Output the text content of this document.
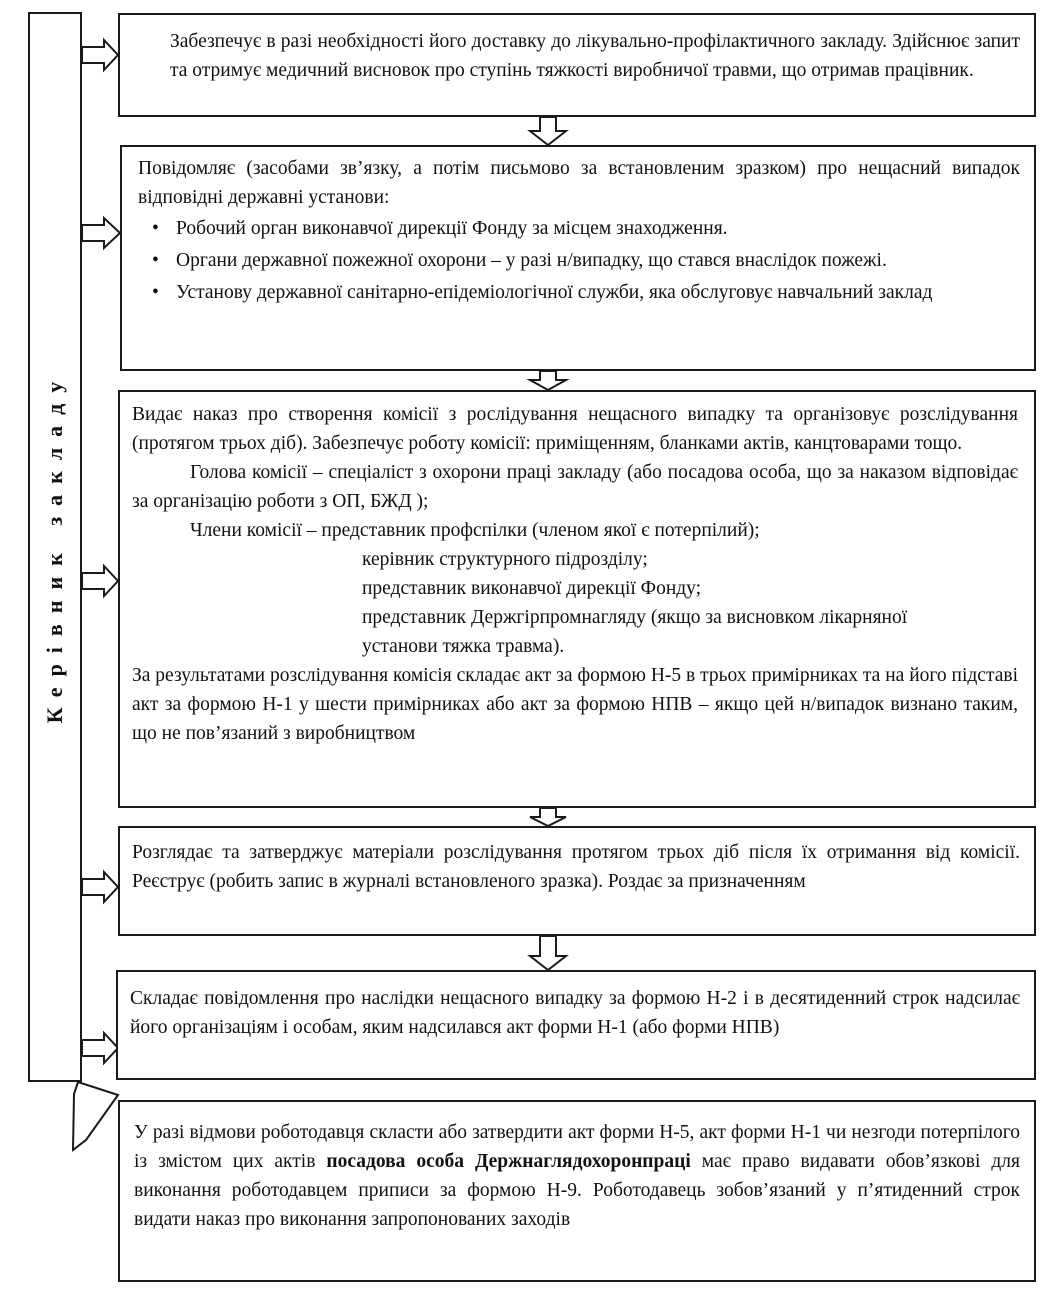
Керівник закладу

Забезпечує в разі необхідності його доставку до лікувально-профілактичного закладу. Здійснює запит та отримує медичний висновок про ступінь тяжкості виробничої травми, що отримав працівник.

Повідомляє (засобами зв’язку, а потім письмово за встановленим зразком) про нещасний випадок відповідні державні установи:

• Робочий орган виконавчої дирекції Фонду за місцем знаходження.
• Органи державної пожежної охорони – у разі н/випадку, що стався внаслідок пожежі.
• Установу державної санітарно-епідеміологічної служби, яка обслуговує навчальний заклад

Видає наказ про створення комісії з рослідування нещасного випадку та організовує розслідування (протягом трьох діб). Забезпечує роботу комісії: приміщенням, бланками актів, канцтоварами тощо.

Голова комісії – спеціаліст з охорони праці закладу (або посадова особа, що за наказом відповідає за організацію роботи з ОП, БЖД );

Члени комісії – представник профспілки (членом якої є потерпілий);

керівник структурного підрозділу;

представник виконавчої дирекції Фонду;

представник Держгірпромнагляду (якщо за висновком лікарняної установи тяжка травма).

За результатами розслідування комісія складає акт за формою Н-5 в трьох примірниках та на його підставі акт за формою Н-1 у шести примірниках або акт за формою НПВ – якщо цей н/випадок визнано таким, що не пов’язаний з виробництвом

Розглядає та затверджує матеріали розслідування протягом трьох діб після їх отримання від комісії. Реєструє (робить запис в журналі встановленого зразка). Роздає за призначенням

Складає повідомлення про наслідки нещасного випадку за формою Н-2 і в десятиденний строк надсилає його організаціям і особам, яким надсилався акт форми Н-1 (або форми НПВ)

У разі відмови роботодавця скласти або затвердити акт форми Н-5, акт форми Н-1 чи незгоди потерпілого із змістом цих актів посадова особа Держнаглядохоронпраці має право видавати обов’язкові для виконання роботодавцем приписи за формою Н-9. Роботодавець зобов’язаний у п’ятиденний строк видати наказ про виконання запропонованих заходів
